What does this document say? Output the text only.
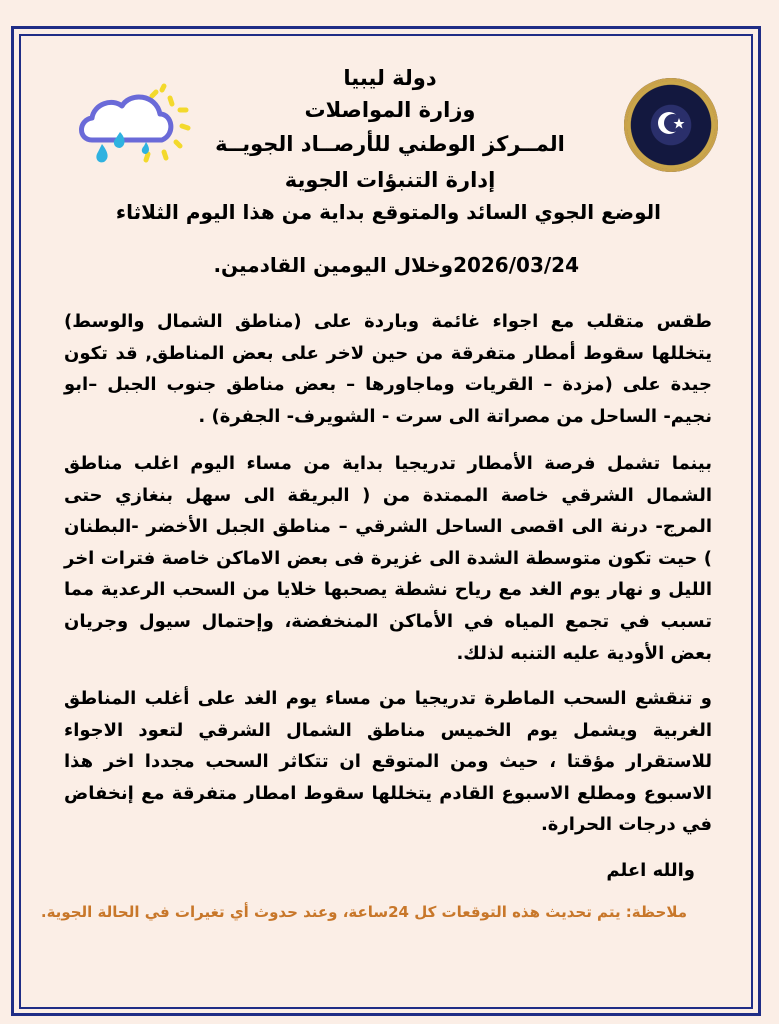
دولة ليبيا
وزارة المواصلات
المــركز الوطني للأرصــاد الجويــة
إدارة التنبؤات الجوية
الوضع الجوي السائد والمتوقع بداية من هذا اليوم الثلاثاء
2026/03/24وخلال اليومين القادمين.
طقس متقلب مع اجواء غائمة وباردة على (مناطق الشمال والوسط) يتخللها سقوط أمطار متفرقة من حين لاخر على بعض المناطق, قد تكون جيدة على (مزدة – القريات وماجاورها – بعض مناطق جنوب الجبل –ابو نجيم- الساحل من مصراتة الى سرت - الشويرف- الجفرة) .
بينما تشمل فرصة الأمطار تدريجيا بداية من مساء اليوم اغلب مناطق الشمال الشرقي خاصة الممتدة من ( البريقة الى سهل بنغازي حتى المرج- درنة الى اقصى الساحل الشرقي – مناطق الجبل الأخضر -البطنان ) حيت تكون متوسطة الشدة الى غزيرة فى بعض الاماكن خاصة فترات اخر الليل و نهار يوم الغد مع رياح نشطة يصحبها خلايا من السحب الرعدية مما تسبب في تجمع المياه في الأماكن المنخفضة، وإحتمال سيول وجريان بعض الأودية عليه التنبه لذلك.
و تنقشع السحب الماطرة تدريجيا من مساء يوم الغد على أغلب المناطق الغربية ويشمل يوم الخميس مناطق الشمال الشرقي لتعود الاجواء للاستقرار مؤقتا ، حيث ومن المتوقع ان تتكاثر السحب مجددا اخر هذا الاسبوع ومطلع الاسبوع القادم يتخللها سقوط امطار متفرقة مع إنخفاض في درجات الحرارة.
والله اعلم
ملاحظة: يتم تحديث هذه التوقعات كل 24ساعة، وعند حدوث أي تغيرات في الحالة الجوية.
